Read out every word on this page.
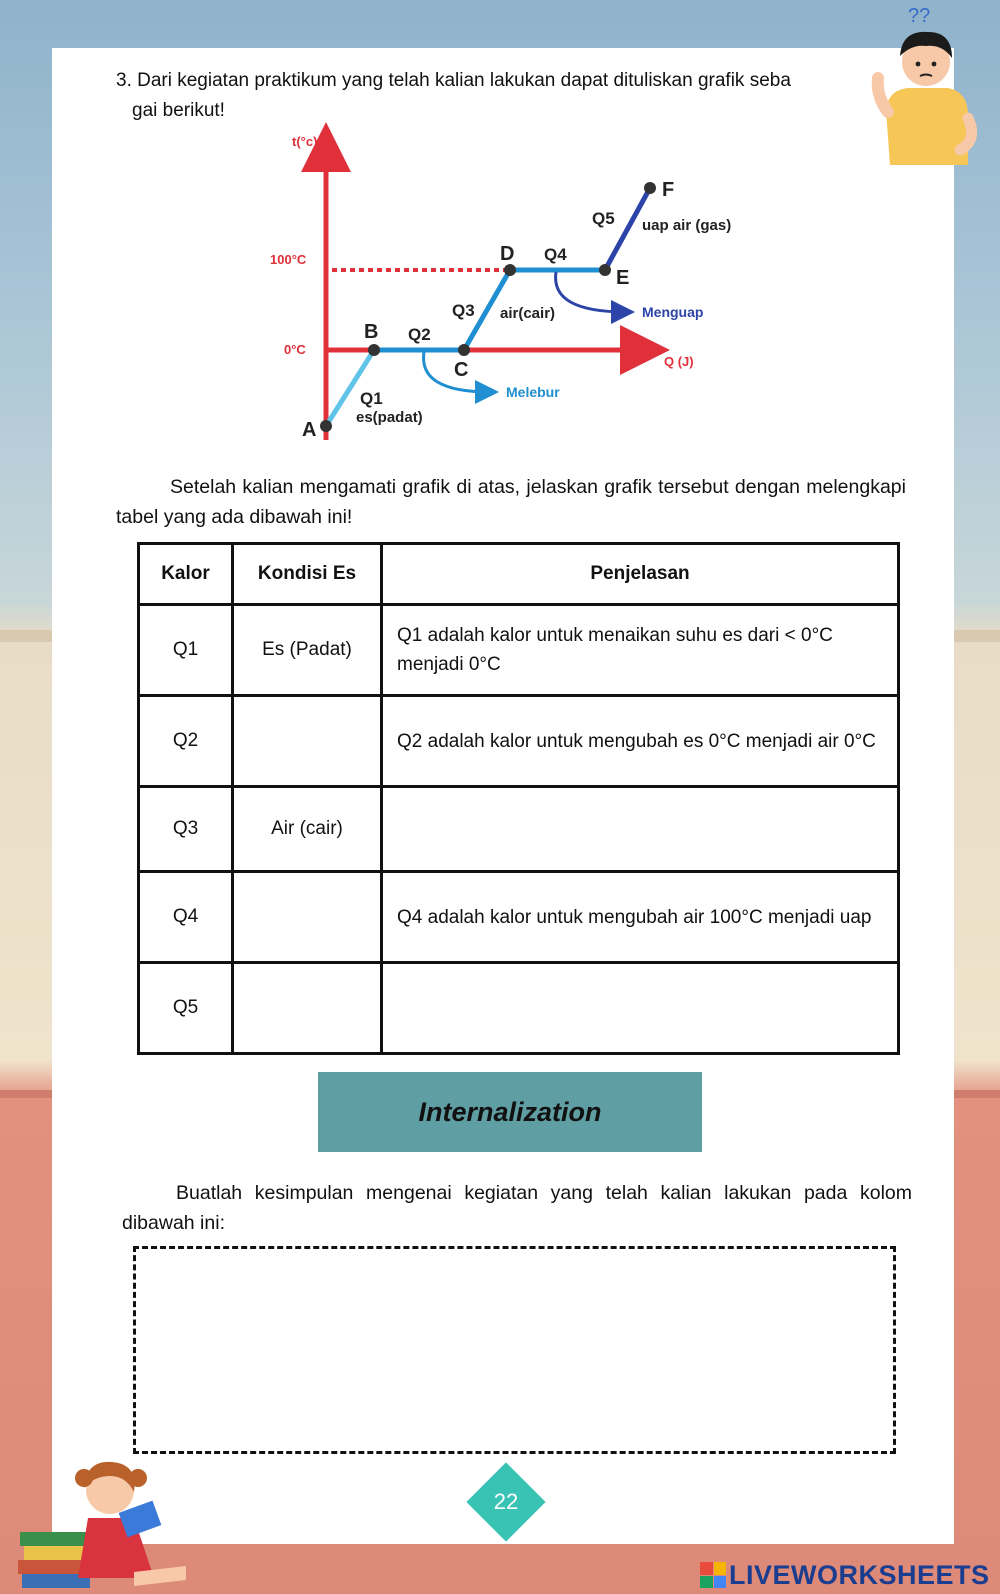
??
3. Dari kegiatan praktikum yang telah kalian lakukan dapat dituliskan grafik seba
gai berikut!
t(°c)
Q (J)
100°C
0°C
A
B
C
D
E
F
Q1
Q2
Q3
Q4
Q5
es(padat)
air(cair)
uap air (gas)
Melebur
Menguap
Setelah kalian mengamati grafik di atas, jelaskan grafik tersebut dengan melengkapi tabel yang ada dibawah ini!
Kalor	Kondisi Es	Penjelasan
Q1	Es (Padat)	Q1 adalah kalor untuk menaikan suhu es dari < 0°C menjadi 0°C
Q2		Q2 adalah kalor untuk mengubah es 0°C menjadi air 0°C
Q3	Air (cair)	
Q4		Q4 adalah kalor untuk mengubah air 100°C menjadi uap
Q5		
Internalization
Buatlah kesimpulan mengenai kegiatan yang telah kalian lakukan pada kolom dibawah ini:
22
LIVEWORKSHEETS
